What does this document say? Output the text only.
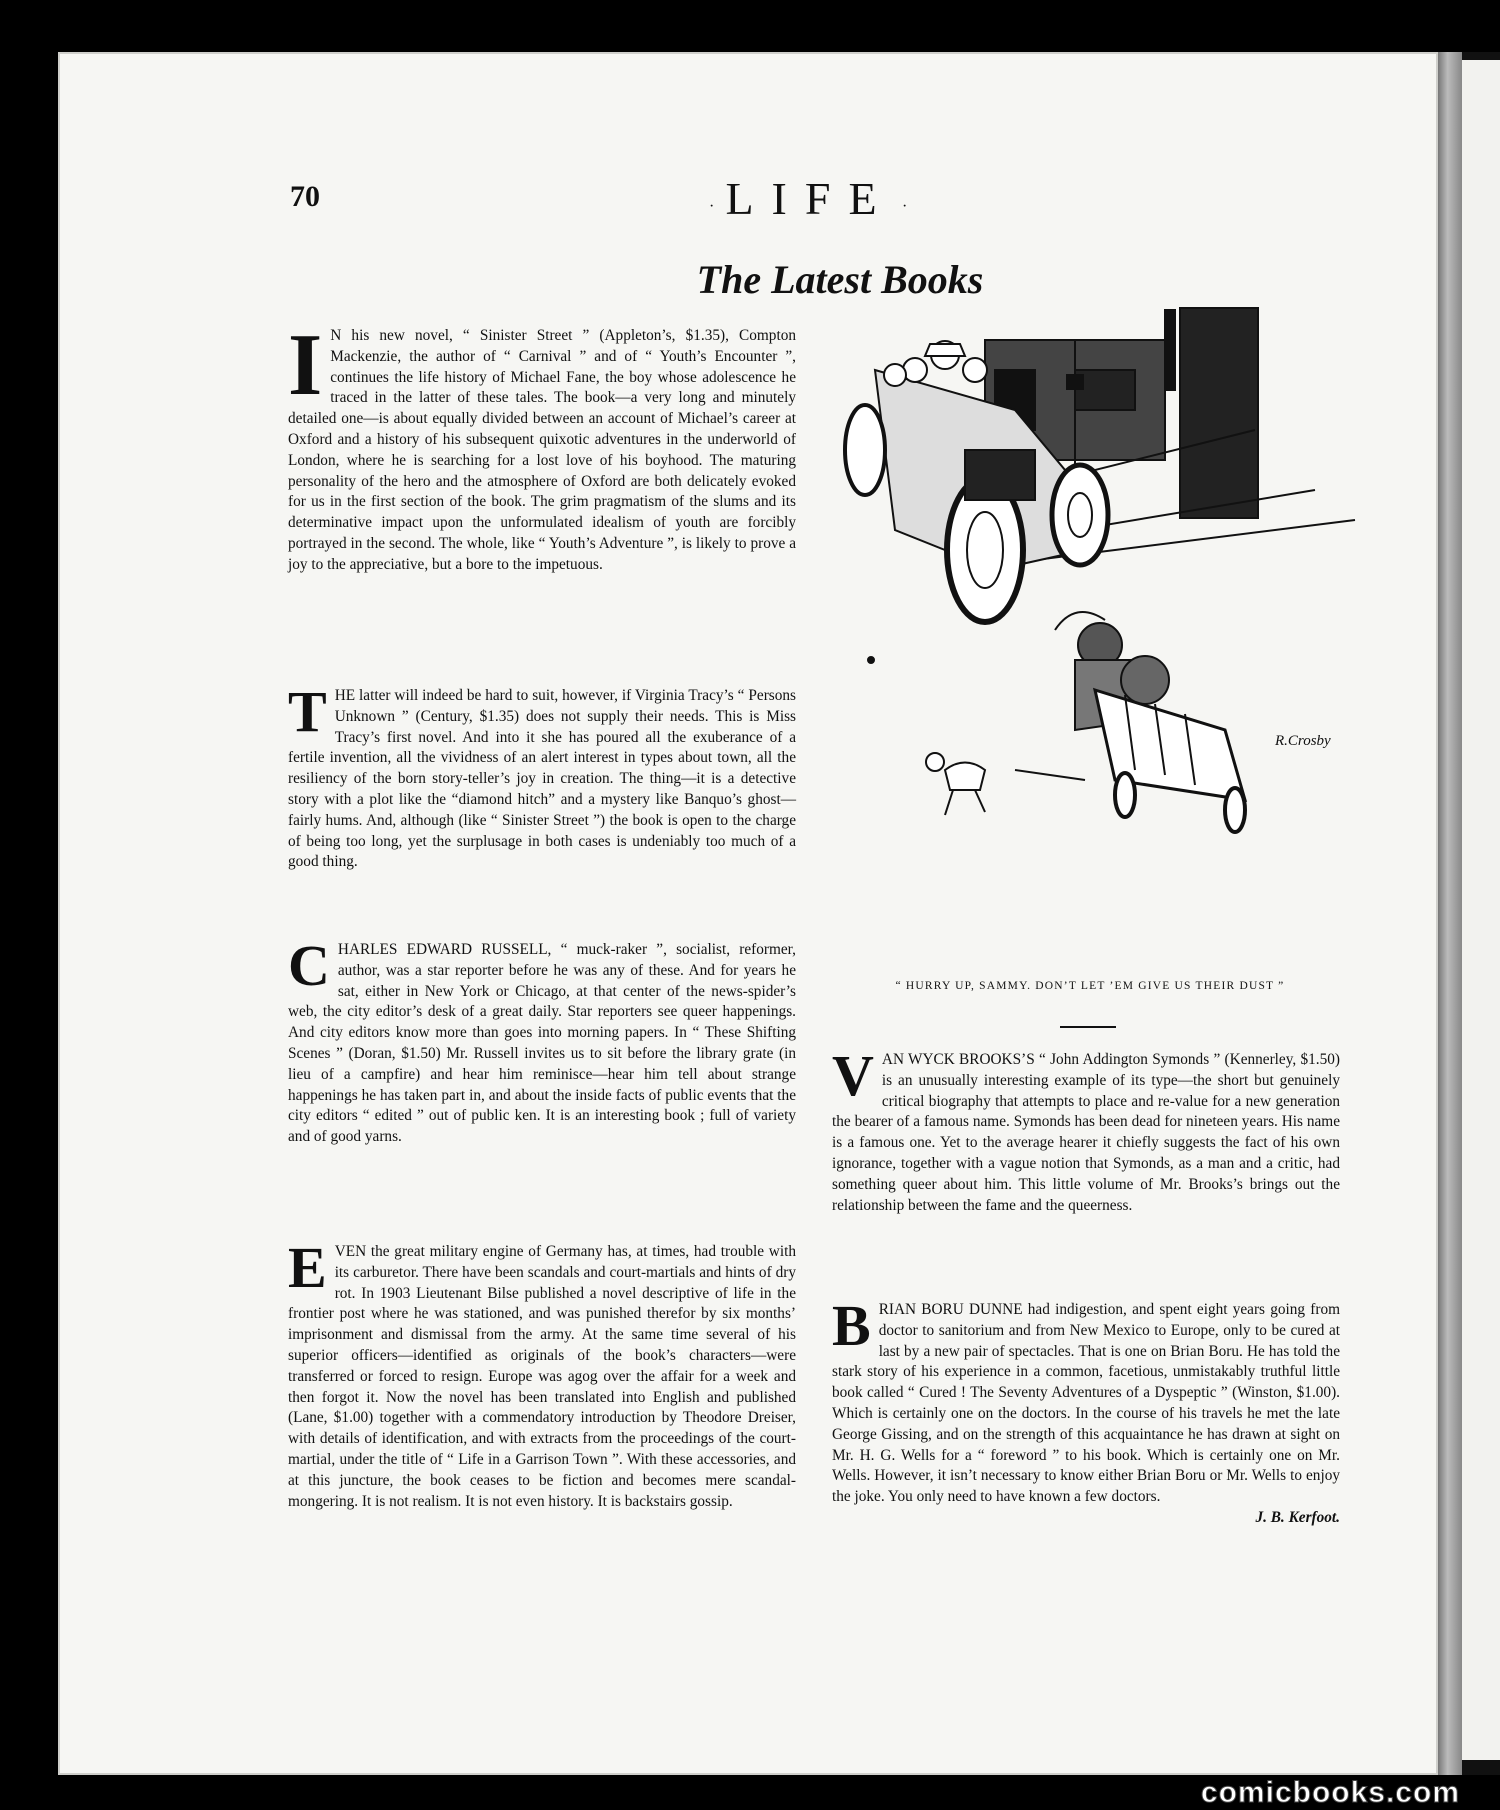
70	· LIFE ·
The Latest Books

I N his new novel, “ Sinister Street ” (Appleton’s, $1.35), Compton Mackenzie, the author of “ Carnival ” and of “ Youth’s Encounter ”, continues the life history of Michael Fane, the boy whose adolescence he traced in the latter of these tales. The book—a very long and minutely detailed one—is about equally divided between an account of Michael’s career at Oxford and a history of his subsequent quixotic adventures in the underworld of London, where he is searching for a lost love of his boyhood. The maturing personality of the hero and the atmosphere of Oxford are both delicately evoked for us in the first section of the book. The grim pragmatism of the slums and its determinative impact upon the unformulated idealism of youth are forcibly portrayed in the second. The whole, like “ Youth’s Adventure ”, is likely to prove a joy to the appreciative, but a bore to the impetuous.

THE latter will indeed be hard to suit, however, if Virginia Tracy’s “ Persons Unknown ” (Century, $1.35) does not supply their needs. This is Miss Tracy’s first novel. And into it she has poured all the exuberance of a fertile invention, all the vividness of an alert interest in types about town, all the resiliency of the born story-teller’s joy in creation. The thing—it is a detective story with a plot like the “diamond hitch” and a mystery like Banquo’s ghost—fairly hums. And, although (like “ Sinister Street ”) the book is open to the charge of being too long, yet the surplusage in both cases is undeniably too much of a good thing.

CHARLES EDWARD RUSSELL, “ muck-raker ”, socialist, reformer, author, was a star reporter before he was any of these. And for years he sat, either in New York or Chicago, at that center of the news-spider’s web, the city editor’s desk of a great daily. Star reporters see queer happenings. And city editors know more than goes into morning papers. In “ These Shifting Scenes ” (Doran, $1.50) Mr. Russell invites us to sit before the library grate (in lieu of a campfire) and hear him reminisce—hear him tell about strange happenings he has taken part in, and about the inside facts of public events that the city editors “ edited ” out of public ken. It is an interesting book ; full of variety and of good yarns.

EVEN the great military engine of Germany has, at times, had trouble with its carburetor. There have been scandals and court-martials and hints of dry rot. In 1903 Lieutenant Bilse published a novel descriptive of life in the frontier post where he was stationed, and was punished therefor by six months’ imprisonment and dismissal from the army. At the same time several of his superior officers—identified as originals of the book’s characters—were transferred or forced to resign. Europe was agog over the affair for a week and then forgot it. Now the novel has been translated into English and published (Lane, $1.00) together with a commendatory introduction by Theodore Dreiser, with details of identification, and with extracts from the proceedings of the court-martial, under the title of “ Life in a Garrison Town ”. With these accessories, and at this juncture, the book ceases to be fiction and becomes mere scandal-mongering. It is not realism. It is not even history. It is backstairs gossip.

R.Crosby
“ HURRY UP, SAMMY. DON’T LET ’EM GIVE US THEIR DUST ”

VAN WYCK BROOKS’S “ John Addington Symonds ” (Kennerley, $1.50) is an unusually interesting example of its type—the short but genuinely critical biography that attempts to place and re-value for a new generation the bearer of a famous name. Symonds has been dead for nineteen years. His name is a famous one. Yet to the average hearer it chiefly suggests the fact of his own ignorance, together with a vague notion that Symonds, as a man and a critic, had something queer about him. This little volume of Mr. Brooks’s brings out the relationship between the fame and the queerness.

BRIAN BORU DUNNE had indigestion, and spent eight years going from doctor to sanitorium and from New Mexico to Europe, only to be cured at last by a new pair of spectacles. That is one on Brian Boru. He has told the stark story of his experience in a common, facetious, unmistakably truthful little book called “ Cured ! The Seventy Adventures of a Dyspeptic ” (Winston, $1.00). Which is certainly one on the doctors. In the course of his travels he met the late George Gissing, and on the strength of this acquaintance he has drawn at sight on Mr. H. G. Wells for a “ foreword ” to his book. Which is certainly one on Mr. Wells. However, it isn’t necessary to know either Brian Boru or Mr. Wells to enjoy the joke. You only need to have known a few doctors.

J. B. Kerfoot.

comicbooks.com
